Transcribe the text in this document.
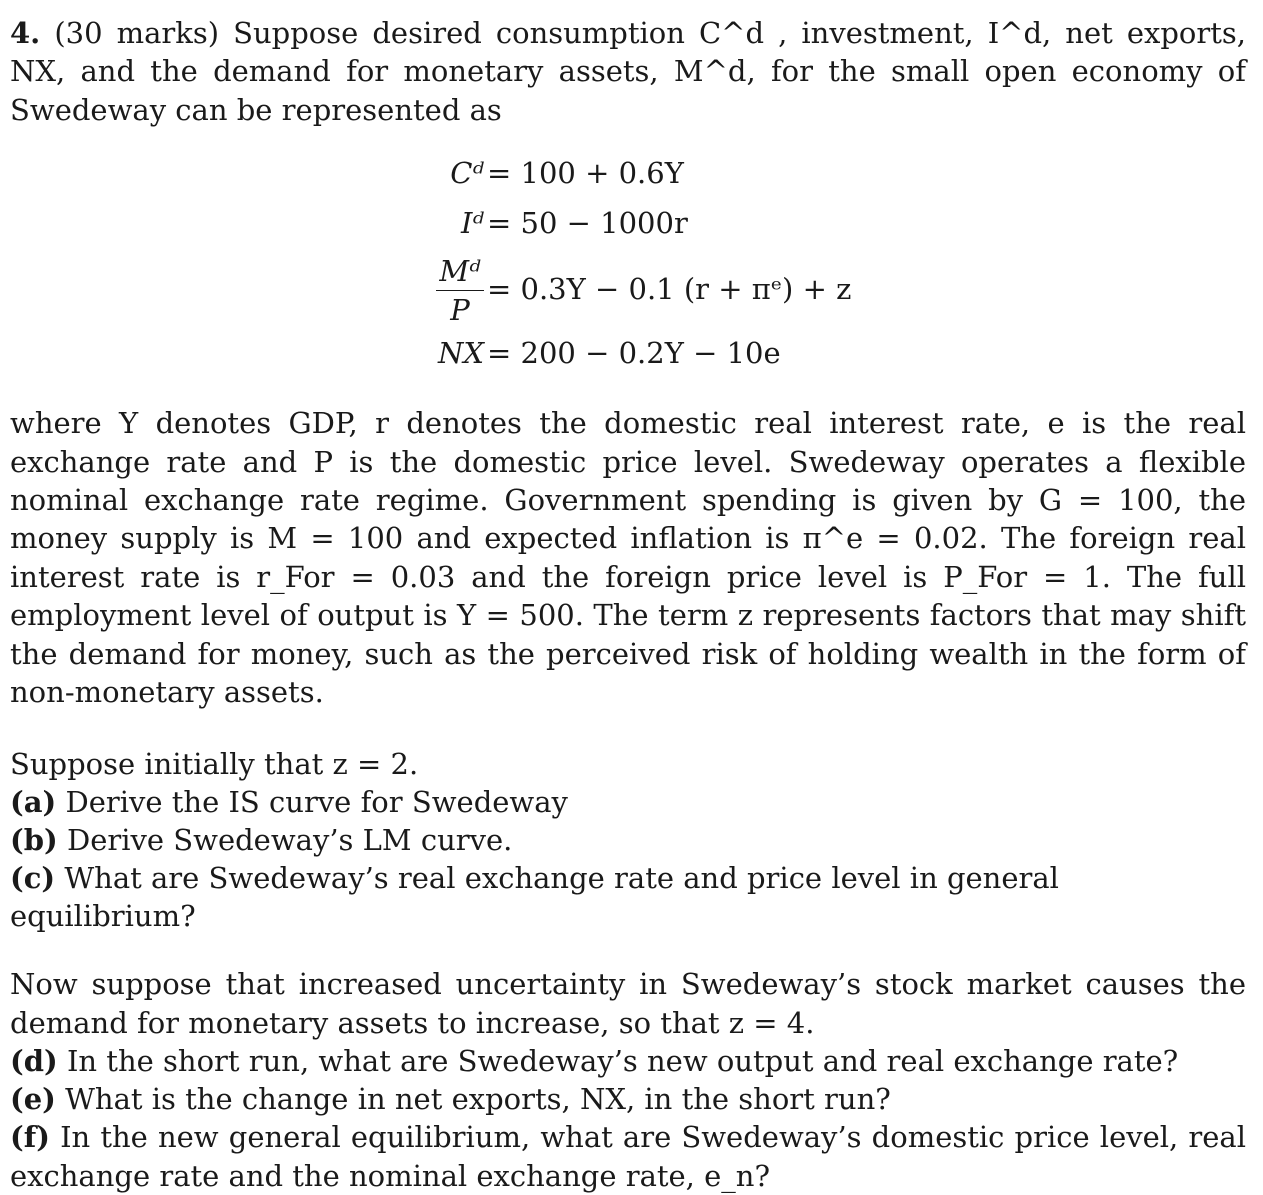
4. (30 marks) Suppose desired consumption C^d , investment, I^d, net exports, NX, and the demand for monetary assets, M^d, for the small open economy of Swedeway can be represented as

Cᵈ = 100 + 0.6Y
Iᵈ = 50 − 1000r
$\frac{\text{Mᵈ}}{P} = 0.3Y - 0.1$ (r + πᵉ) + z
NX = 200 − 0.2Y − 10e

where Y denotes GDP, r denotes the domestic real interest rate, e is the real exchange rate and P is the domestic price level. Swedeway operates a flexible nominal exchange rate regime. Government spending is given by G = 100, the money supply is M = 100 and expected inflation is π^e = 0.02. The foreign real interest rate is r_For = 0.03 and the foreign price level is P_For = 1. The full employment level of output is Y = 500. The term z represents factors that may shift the demand for money, such as the perceived risk of holding wealth in the form of non-monetary assets.

Suppose initially that z = 2.

(a) Derive the IS curve for Swedeway

(b) Derive Swedeway’s LM curve.

(c) What are Swedeway’s real exchange rate and price level in general equilibrium?

Now suppose that increased uncertainty in Swedeway’s stock market causes the demand for monetary assets to increase, so that z = 4.

(d) In the short run, what are Swedeway’s new output and real exchange rate?

(e) What is the change in net exports, NX, in the short run?

(f) In the new general equilibrium, what are Swedeway’s domestic price level, real exchange rate and the nominal exchange rate, e_n?
